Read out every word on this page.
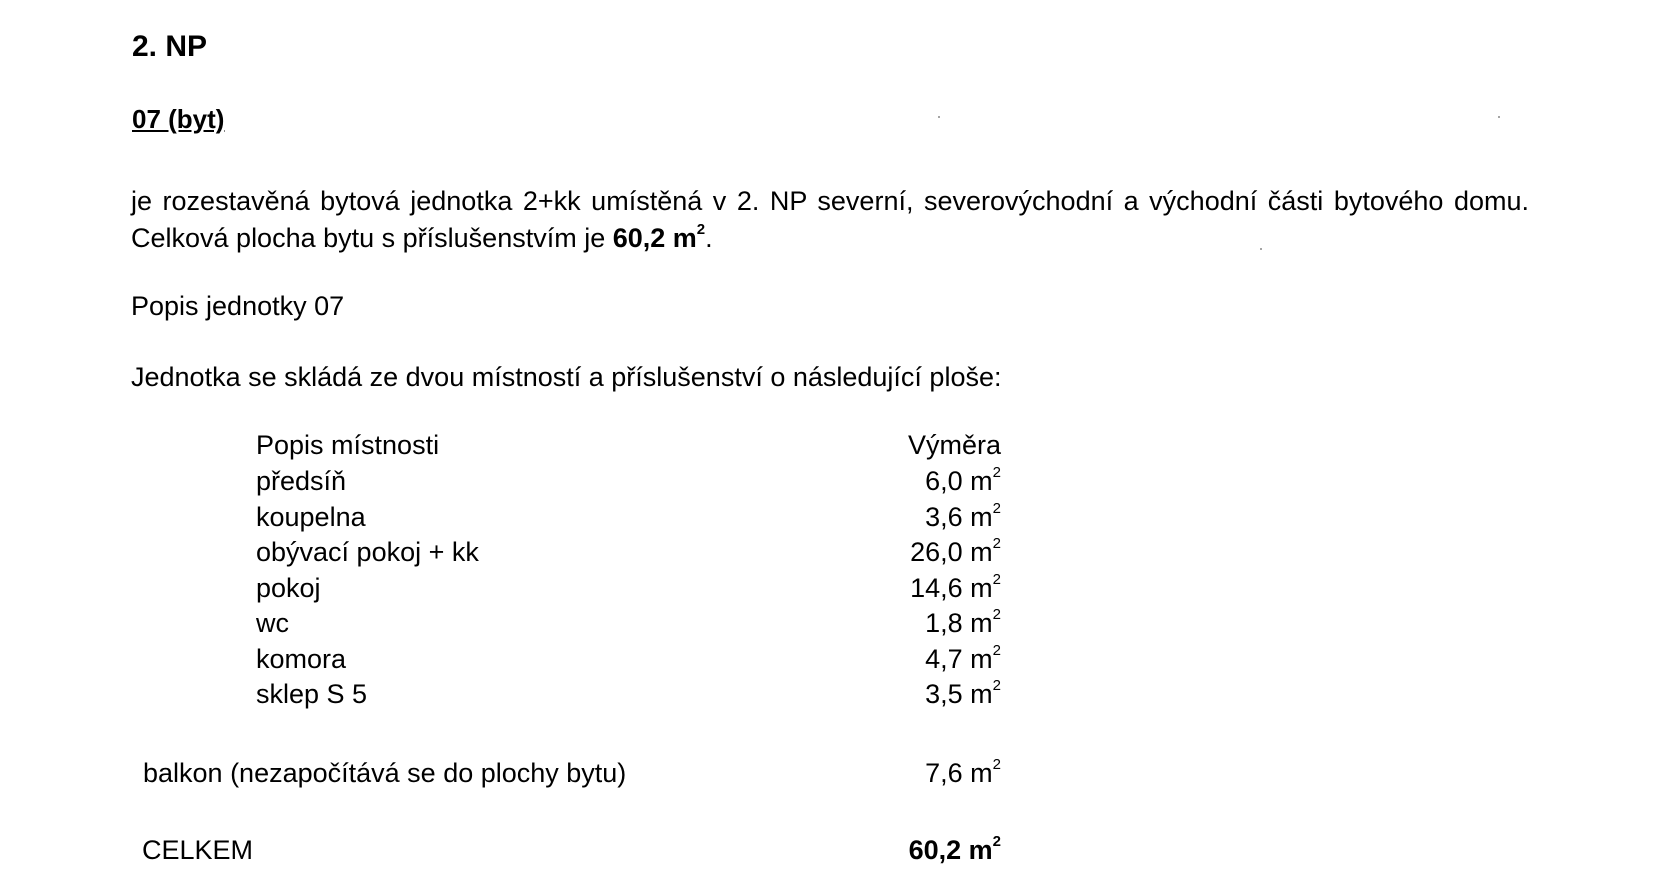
2. NP
07 (byt)
je rozestavěná bytová jednotka 2+kk umístěná v 2. NP severní, severovýchodní a východní části bytového domu. Celková plocha bytu s příslušenstvím je 60,2 $m^2$.
Popis jednotky 07
Jednotka se skládá ze dvou místností a příslušenství o následující ploše:
Popis místnosti	Výměra
předsíň	6,0 $m^2$
koupelna	3,6 $m^2$
obývací pokoj + kk	26,0 $m^2$
pokoj	14,6 $m^2$
wc	1,8 $m^2$
komora	4,7 $m^2$
sklep S 5	3,5 $m^2$
balkon (nezapočítává se do plochy bytu)	7,6 $m^2$
CELKEM	60,2 $m^2$
